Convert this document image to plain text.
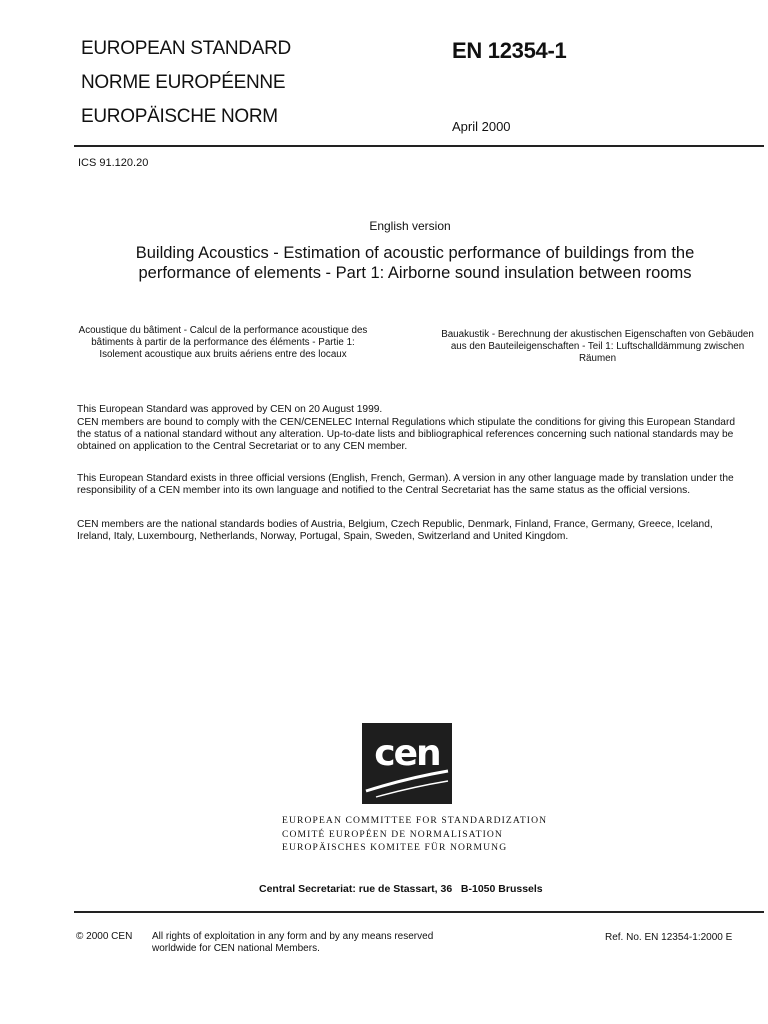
EUROPEAN STANDARD
NORME EUROPÉENNE
EUROPÄISCHE NORM
EN 12354-1
April 2000
ICS 91.120.20
English version
Building Acoustics - Estimation of acoustic performance of buildings from the performance of elements - Part 1: Airborne sound insulation between rooms
Acoustique du bâtiment - Calcul de la performance acoustique des bâtiments à partir de la performance des éléments - Partie 1: Isolement acoustique aux bruits aériens entre des locaux
Bauakustik - Berechnung der akustischen Eigenschaften von Gebäuden aus den Bauteileigenschaften - Teil 1: Luftschalldämmung zwischen Räumen

This European Standard was approved by CEN on 20 August 1999.

CEN members are bound to comply with the CEN/CENELEC Internal Regulations which stipulate the conditions for giving this European Standard the status of a national standard without any alteration. Up-to-date lists and bibliographical references concerning such national standards may be obtained on application to the Central Secretariat or to any CEN member.

This European Standard exists in three official versions (English, French, German). A version in any other language made by translation under the responsibility of a CEN member into its own language and notified to the Central Secretariat has the same status as the official versions.

CEN members are the national standards bodies of Austria, Belgium, Czech Republic, Denmark, Finland, France, Germany, Greece, Iceland, Ireland, Italy, Luxembourg, Netherlands, Norway, Portugal, Spain, Sweden, Switzerland and United Kingdom.

cen
EUROPEAN COMMITTEE FOR STANDARDIZATION
COMITÉ EUROPÉEN DE NORMALISATION
EUROPÄISCHES KOMITEE FÜR NORMUNG
Central Secretariat: rue de Stassart, 36   B-1050 Brussels
© 2000 CEN All rights of exploitation in any form and by any means reserved worldwide for CEN national Members.
Ref. No. EN 12354-1:2000 E
